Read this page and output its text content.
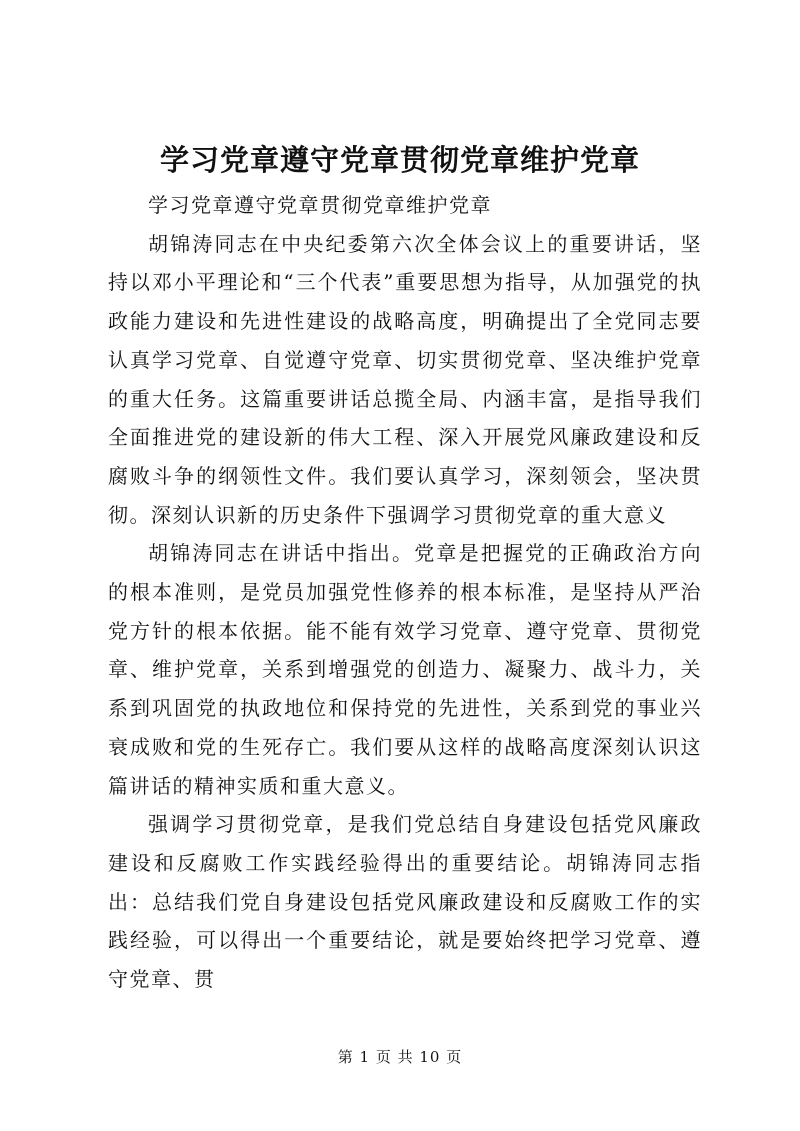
学习党章遵守党章贯彻党章维护党章

学习党章遵守党章贯彻党章维护党章

胡锦涛同志在中央纪委第六次全体会议上的重要讲话，坚持以邓小平理论和“三个代表”重要思想为指导，从加强党的执政能力建设和先进性建设的战略高度，明确提出了全党同志要认真学习党章、自觉遵守党章、切实贯彻党章、坚决维护党章的重大任务。这篇重要讲话总揽全局、内涵丰富，是指导我们全面推进党的建设新的伟大工程、深入开展党风廉政建设和反腐败斗争的纲领性文件。我们要认真学习，深刻领会，坚决贯彻。深刻认识新的历史条件下强调学习贯彻党章的重大意义

胡锦涛同志在讲话中指出。党章是把握党的正确政治方向的根本准则，是党员加强党性修养的根本标准，是坚持从严治党方针的根本依据。能不能有效学习党章、遵守党章、贯彻党章、维护党章，关系到增强党的创造力、凝聚力、战斗力，关系到巩固党的执政地位和保持党的先进性，关系到党的事业兴衰成败和党的生死存亡。我们要从这样的战略高度深刻认识这篇讲话的精神实质和重大意义。

强调学习贯彻党章，是我们党总结自身建设包括党风廉政建设和反腐败工作实践经验得出的重要结论。胡锦涛同志指出：总结我们党自身建设包括党风廉政建设和反腐败工作的实践经验，可以得出一个重要结论，就是要始终把学习党章、遵守党章、贯

第 1 页 共 10 页
